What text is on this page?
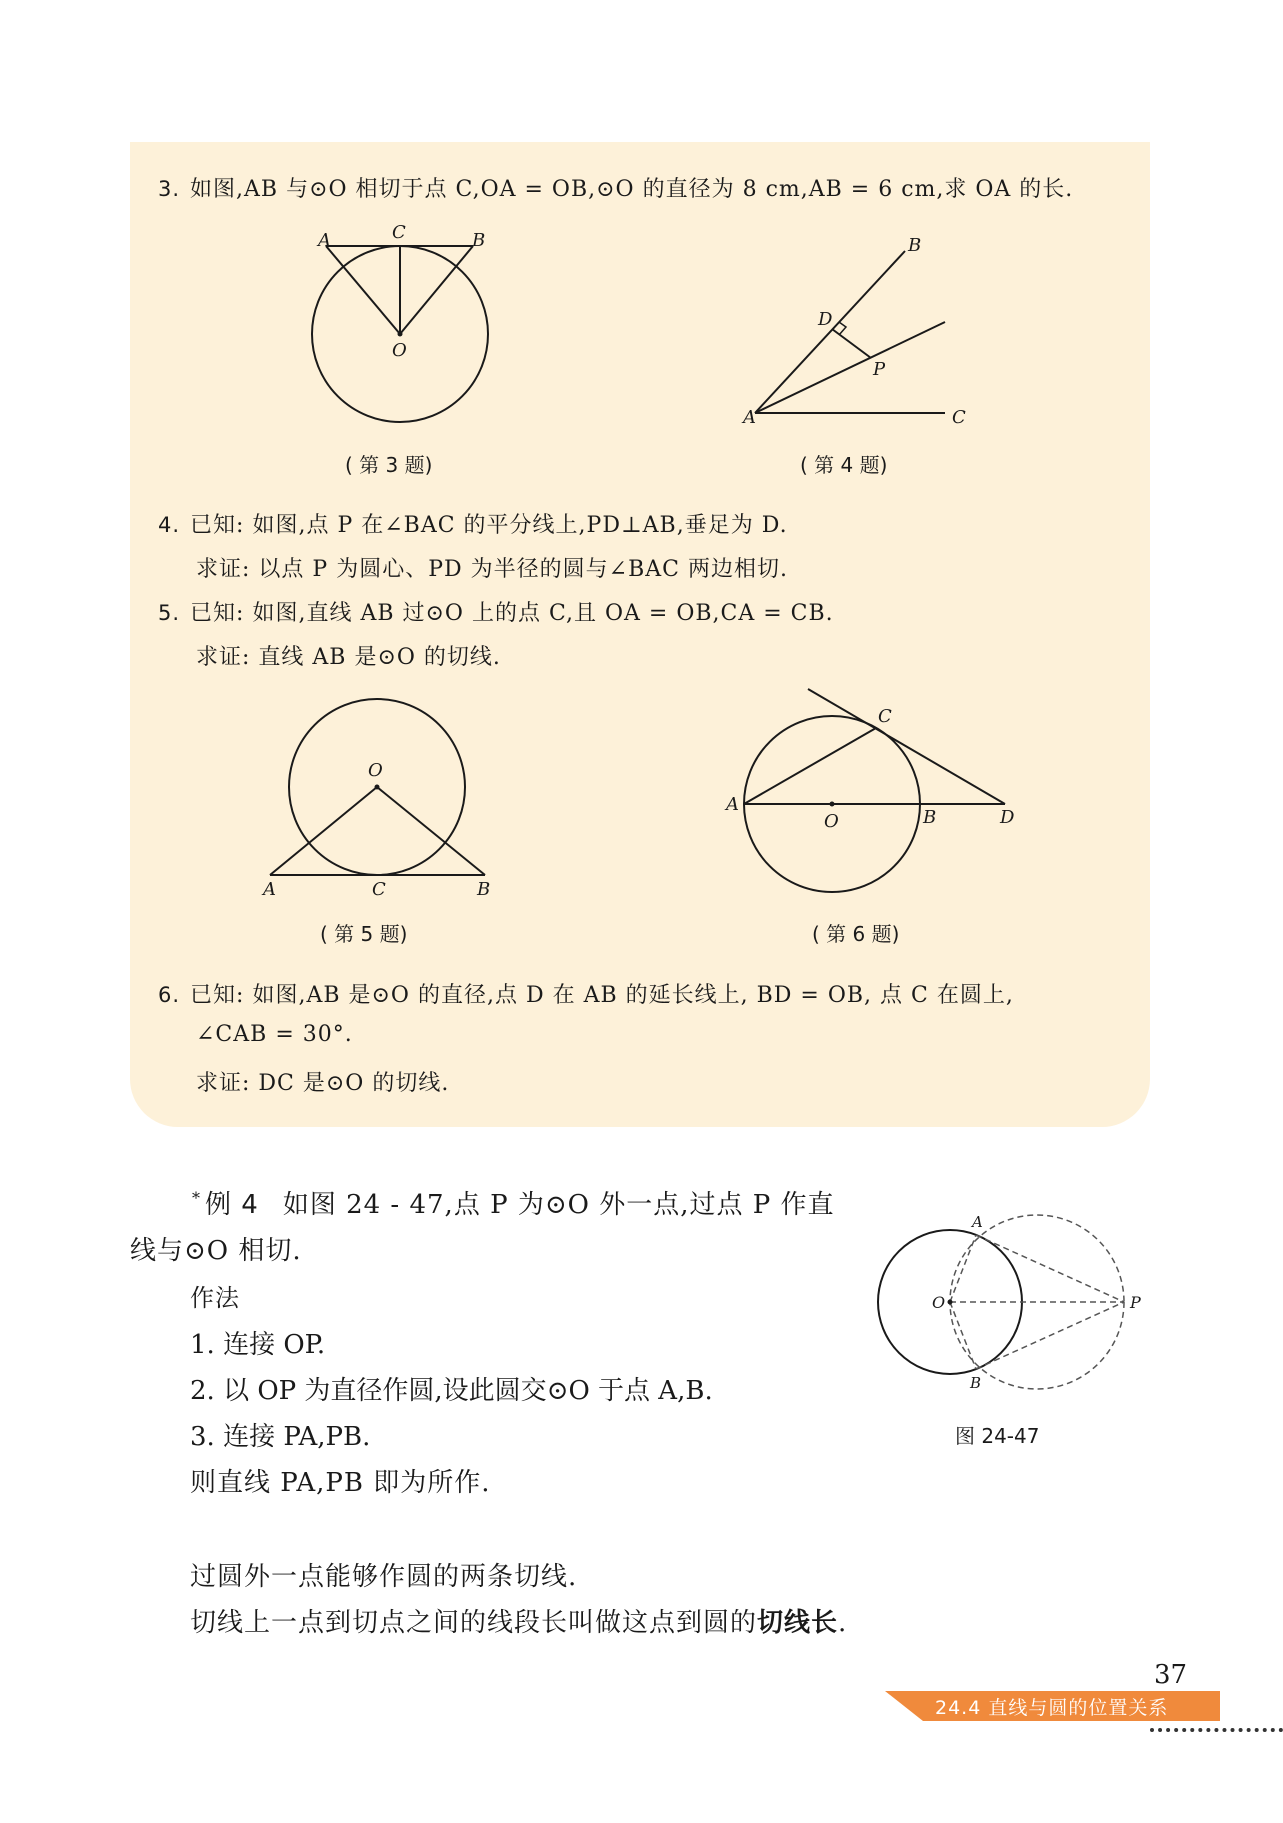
3. 如图,AB 与⊙O 相切于点 C,OA = OB,⊙O 的直径为 8 cm,AB = 6 cm,求 OA 的长.
A	C	B
O
( 第 3 题)
B
D
P
A	C
( 第 4 题)
4. 已知: 如图,点 P 在∠BAC 的平分线上,PD⊥AB,垂足为 D.
求证: 以点 P 为圆心、PD 为半径的圆与∠BAC 两边相切.
5. 已知: 如图,直线 AB 过⊙O 上的点 C,且 OA = OB,CA = CB.
求证: 直线 AB 是⊙O 的切线.
O
A	C	B
( 第 5 题)
C
A
O	B	D
( 第 6 题)
6. 已知: 如图,AB 是⊙O 的直径,点 D 在 AB 的延长线上, BD = OB, 点 C 在圆上,
∠CAB = 30°.
求证: DC 是⊙O 的切线.
* 例 4 如图 24 - 47,点 P 为⊙O 外一点,过点 P 作直
线与⊙O 相切.
作法
1. 连接 OP.
2. 以 OP 为直径作圆,设此圆交⊙O 于点 A,B.
3. 连接 PA,PB.
则直线 PA,PB 即为所作.
A
O	P
B
图 24-47
过圆外一点能够作圆的两条切线.
切线上一点到切点之间的线段长叫做这点到圆的切线长.
37
24.4 直线与圆的位置关系
